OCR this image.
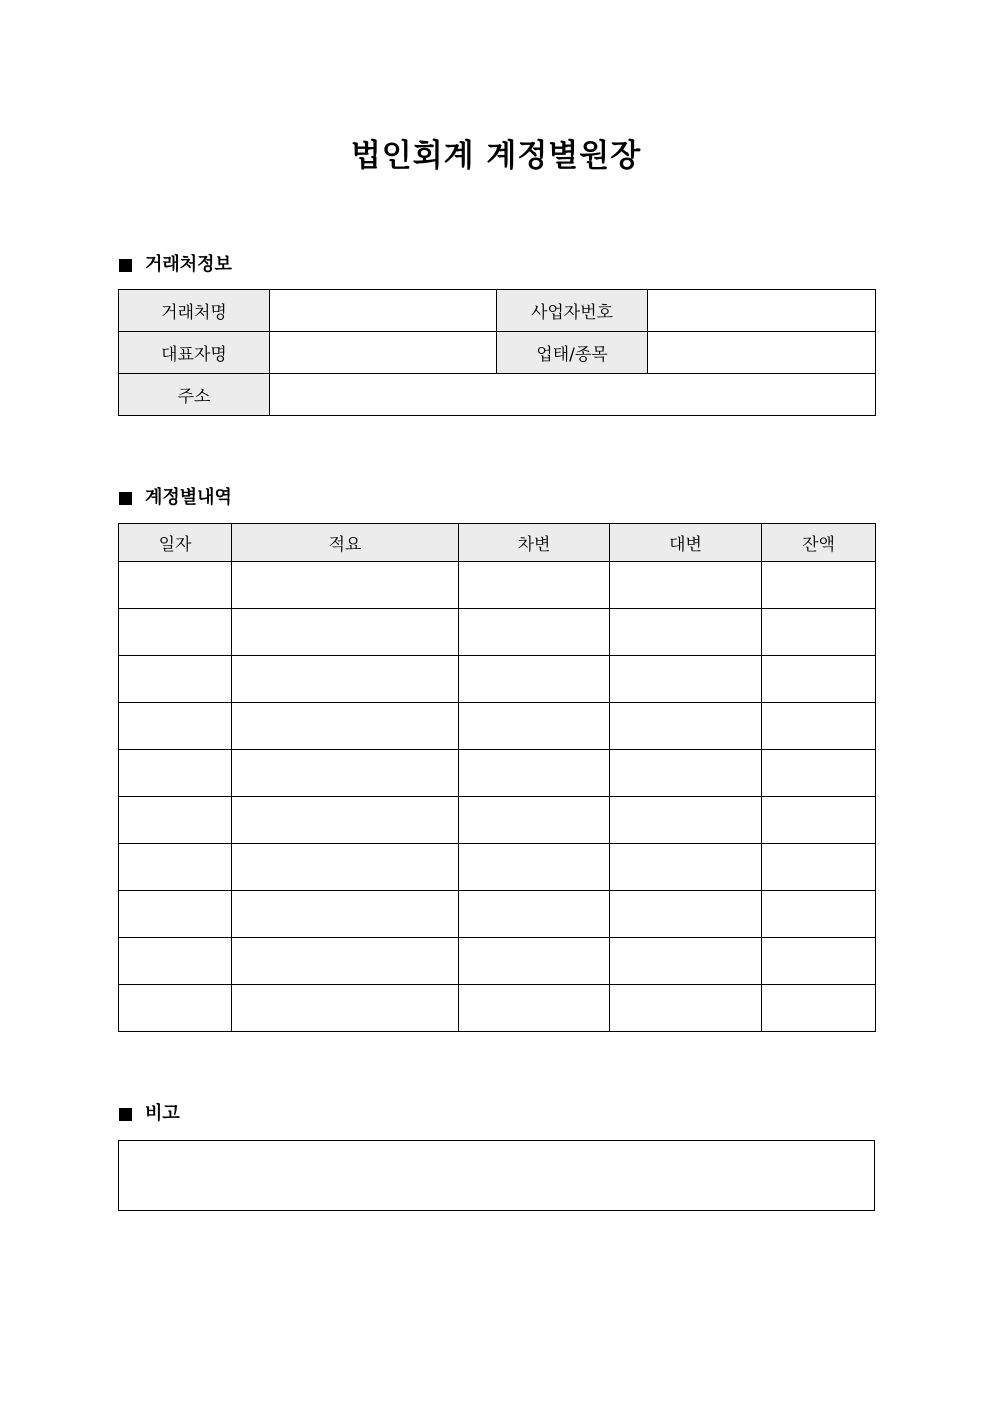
법인회계 계정별원장
거래처정보
거래처명		사업자번호	
대표자명		업태/종목	
주소			
계정별내역
일자	적요	차변	대변	잔액

비고
